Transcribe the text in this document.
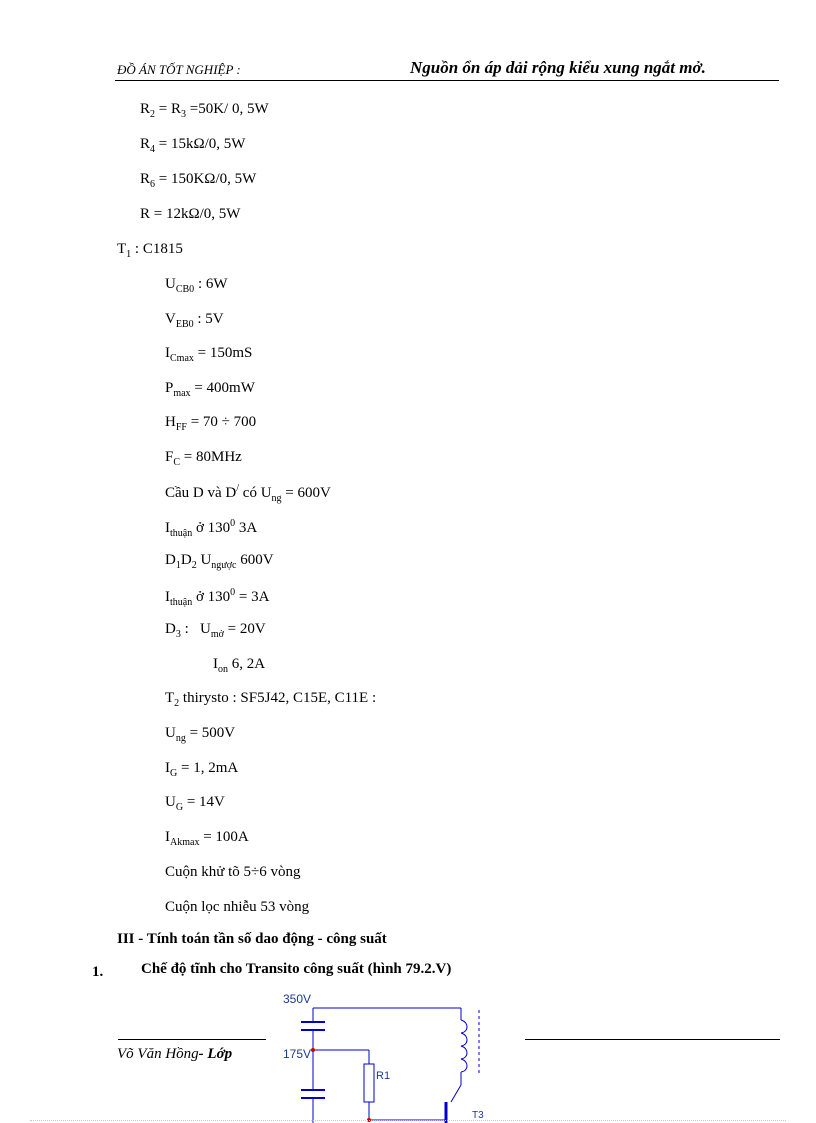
ĐỒ ÁN TỐT NGHIỆP :	Nguồn ổn áp dải rộng kiểu xung ngắt mở.
$R_2 = R_3 =50K/$ 0, 5W
$R_4 = 15k\Omega/0$, 5W
$R_6 = 150K\Omega/0$, 5W
R = 12kΩ/0, 5W
$T_1$ : C1815
$U_{CB0}$ : 6W
$V_{EB0}$ : 5V
$I_{Cmax} = 150mS$
$P_{max} = 400mW$
$H_{FF} = 70 \div 700$
$F_C = 80MHz$
Cầu D và D/ có $U_{ng} = 600V$
$I_{thuận}$ ở $130^0$ 3A
$D_1D_2$ $U_{ngược}$ 600V
$I_{thuận}$ ở $130^0 = 3A$
$D_3$ :   $U_{mở} = 20V$
$I_{on}$ 6, 2A
$T_2$ thirysto : SF5J42, C15E, C11E :
$U_{ng} = 500V$
$I_G = 1$, 2mA
$U_G = 14V$
$I_{Akmax} = 100A$
Cuộn khử tõ 5÷6 vòng
Cuộn lọc nhiễu 53 vòng
III - Tính toán tần số dao động - công suất
1.	Chế độ tĩnh cho Transito công suất (hình 79.2.V)
350V
175V
R1
T3
Võ Văn Hồng- Lớp
